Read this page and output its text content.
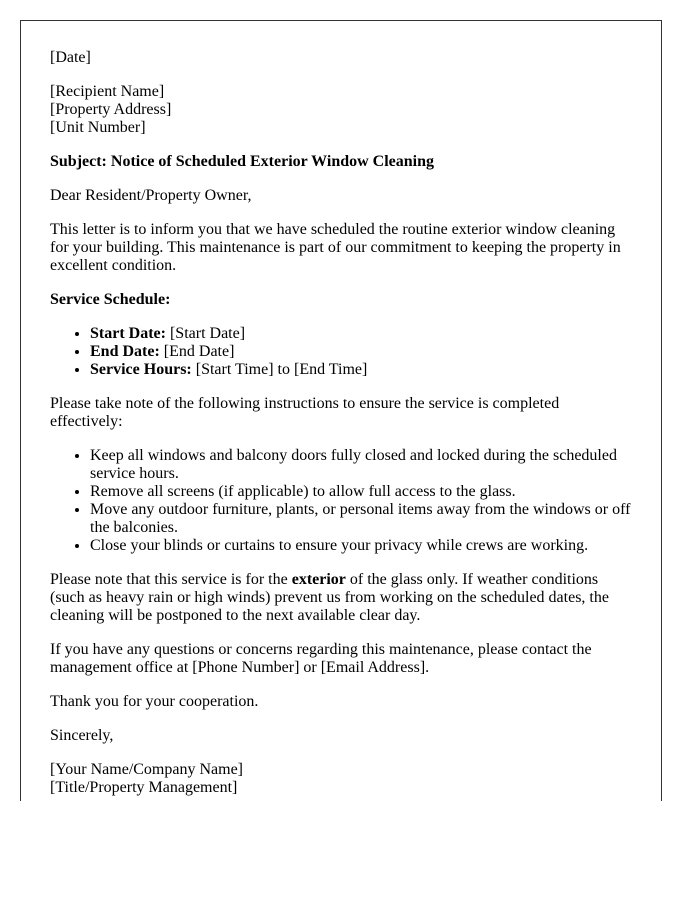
[Date]

[Recipient Name]
[Property Address]
[Unit Number]

Subject: Notice of Scheduled Exterior Window Cleaning

Dear Resident/Property Owner,

This letter is to inform you that we have scheduled the routine exterior window cleaning for your building. This maintenance is part of our commitment to keeping the property in excellent condition.

Service Schedule:

• Start Date: [Start Date]
• End Date: [End Date]
• Service Hours: [Start Time] to [End Time]

Please take note of the following instructions to ensure the service is completed effectively:

• Keep all windows and balcony doors fully closed and locked during the scheduled service hours.
• Remove all screens (if applicable) to allow full access to the glass.
• Move any outdoor furniture, plants, or personal items away from the windows or off the balconies.
• Close your blinds or curtains to ensure your privacy while crews are working.

Please note that this service is for the exterior of the glass only. If weather conditions (such as heavy rain or high winds) prevent us from working on the scheduled dates, the cleaning will be postponed to the next available clear day.

If you have any questions or concerns regarding this maintenance, please contact the management office at [Phone Number] or [Email Address].

Thank you for your cooperation.

Sincerely,

[Your Name/Company Name]
[Title/Property Management]
